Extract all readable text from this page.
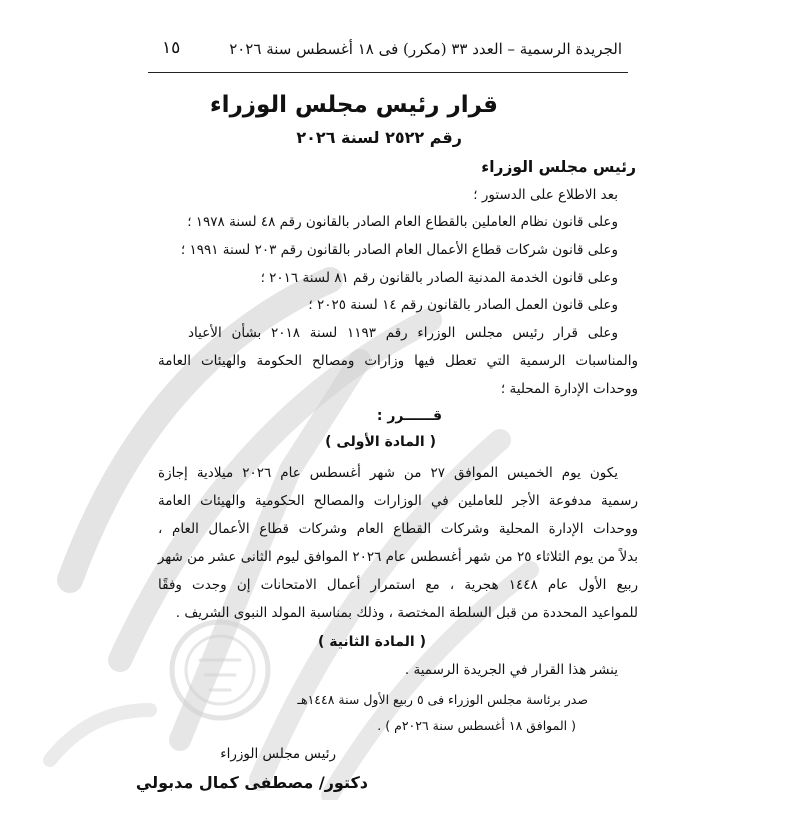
الجريدة الرسمية – العدد ٣٣ (مكرر) فى ١٨ أغسطس سنة ٢٠٢٦
١٥
قرار رئيس مجلس الوزراء
رقم ٢٥٢٢ لسنة ٢٠٢٦
رئيس مجلس الوزراء
بعد الاطلاع على الدستور ؛
وعلى قانون نظام العاملين بالقطاع العام الصادر بالقانون رقم ٤٨ لسنة ١٩٧٨ ؛
وعلى قانون شركات قطاع الأعمال العام الصادر بالقانون رقم ٢٠٣ لسنة ١٩٩١ ؛
وعلى قانون الخدمة المدنية الصادر بالقانون رقم ٨١ لسنة ٢٠١٦ ؛
وعلى قانون العمل الصادر بالقانون رقم ١٤ لسنة ٢٠٢٥ ؛
وعلى قرار رئيس مجلس الوزراء رقم ١١٩٣ لسنة ٢٠١٨ بشأن الأعياد
والمناسبات الرسمية التي تعطل فيها وزارات ومصالح الحكومة والهيئات العامة
ووحدات الإدارة المحلية ؛
قــــــرر :
( المادة الأولى )
يكون يوم الخميس الموافق ٢٧ من شهر أغسطس عام ٢٠٢٦ ميلادية إجازة
رسمية مدفوعة الأجر للعاملين في الوزارات والمصالح الحكومية والهيئات العامة
ووحدات الإدارة المحلية وشركات القطاع العام وشركات قطاع الأعمال العام ،
بدلاً من يوم الثلاثاء ٢٥ من شهر أغسطس عام ٢٠٢٦ الموافق ليوم الثانى عشر من شهر
ربيع الأول عام ١٤٤٨ هجرية ، مع استمرار أعمال الامتحانات إن وجدت وفقًا
للمواعيد المحددة من قبل السلطة المختصة ، وذلك بمناسبة المولد النبوى الشريف .
( المادة الثانية )
ينشر هذا القرار في الجريدة الرسمية .
صدر برئاسة مجلس الوزراء فى ٥ ربيع الأول سنة ١٤٤٨هـ
( الموافق ١٨ أغسطس سنة ٢٠٢٦م ) .
رئيس مجلس الوزراء
دكتور/ مصطفى كمال مدبولي
